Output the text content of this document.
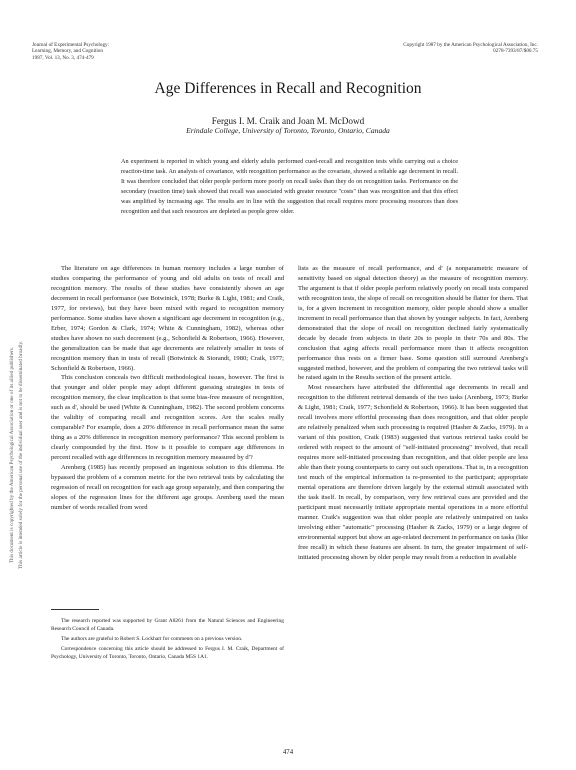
Journal of Experimental Psychology:
Learning, Memory, and Cognition
1987, Vol. 13, No. 3, 474-479
Copyright 1987 by the American Psychological Association, Inc.
0278-7393/87/$00.75
Age Differences in Recall and Recognition
Fergus I. M. Craik and Joan M. McDowd
Erindale College, University of Toronto, Toronto, Ontario, Canada
An experiment is reported in which young and elderly adults performed cued-recall and recognition tests while carrying out a choice reaction-time task. An analysis of covariance, with recognition performance as the covariate, showed a reliable age decrement in recall. It was therefore concluded that older people perform more poorly on recall tasks than they do on recognition tasks. Performance on the secondary (reaction time) task showed that recall was associated with greater resource "costs" than was recognition and that this effect was amplified by increasing age. The results are in line with the suggestion that recall requires more processing resources than does recognition and that such resources are depleted as people grow older.
This document is copyrighted by the American Psychological Association or one of its allied publishers. This article is intended solely for the personal use of the individual user and is not to be disseminated broadly.

The literature on age differences in human memory includes a large number of studies comparing the performance of young and old adults on tests of recall and recognition memory. The results of these studies have consistently shown an age decrement in recall performance (see Botwinick, 1978; Burke & Light, 1981; and Craik, 1977, for reviews), but they have been mixed with regard to recognition memory performance. Some studies have shown a significant age decrement in recognition (e.g., Erber, 1974; Gordon & Clark, 1974; White & Cunningham, 1982), whereas other studies have shown no such decrement (e.g., Schonfield & Robertson, 1966). However, the generalization can be made that age decrements are relatively smaller in tests of recognition memory than in tests of recall (Botwinick & Storandt, 1980; Craik, 1977; Schonfield & Robertson, 1966).

This conclusion conceals two difficult methodological issues, however. The first is that younger and older people may adopt different guessing strategies in tests of recognition memory, the clear implication is that some bias-free measure of recognition, such as d', should be used (White & Cunningham, 1982). The second problem concerns the validity of comparing recall and recognition scores. Are the scales really comparable? For example, does a 20% difference in recall performance mean the same thing as a 20% difference in recognition memory performance? This second problem is clearly compounded by the first. How is it possible to compare age differences in percent recalled with age differences in recognition memory measured by d'?

Arenberg (1985) has recently proposed an ingenious solution to this dilemma. He bypassed the problem of a common metric for the two retrieval tests by calculating the regression of recall on recognition for each age group separately, and then comparing the slopes of the regression lines for the different age groups. Arenberg used the mean number of words recalled from word

The research reported was supported by Grant A8261 from the Natural Sciences and Engineering Research Council of Canada.

The authors are grateful to Robert S. Lockhart for comments on a previous version.

Correspondence concerning this article should be addressed to Fergus I. M. Craik, Department of Psychology, University of Toronto, Toronto, Ontario, Canada M5S 1A1.

lists as the measure of recall performance, and d' (a nonparametric measure of sensitivity based on signal detection theory) as the measure of recognition memory. The argument is that if older people perform relatively poorly on recall tests compared with recognition tests, the slope of recall on recognition should be flatter for them. That is, for a given increment in recognition memory, older people should show a smaller increment in recall performance than that shown by younger subjects. In fact, Arenberg demonstrated that the slope of recall on recognition declined fairly systematically decade by decade from subjects in their 20s to people in their 70s and 80s. The conclusion that aging affects recall performance more than it affects recognition performance thus rests on a firmer base. Some question still surround Arenberg's suggested method, however, and the problem of comparing the two retrieval tasks will be raised again in the Results section of the present article.

Most researchers have attributed the differential age decrements in recall and recognition to the different retrieval demands of the two tasks (Arenberg, 1973; Burke & Light, 1981; Craik, 1977; Schonfield & Robertson, 1966). It has been suggested that recall involves more effortful processing than does recognition, and that older people are relatively penalized when such processing is required (Hasher & Zacks, 1979). In a variant of this position, Craik (1983) suggested that various retrieval tasks could be ordered with respect to the amount of "self-initiated processing" involved, that recall requires more self-initiated processing than recognition, and that older people are less able than their young counterparts to carry out such operations. That is, in a recognition test much of the empirical information is re-presented to the participant; appropriate mental operations are therefore driven largely by the external stimuli associated with the task itself. In recall, by comparison, very few retrieval cues are provided and the participant must necessarily initiate appropriate mental operations in a more effortful manner. Craik's suggestion was that older people are relatively unimpaired on tasks involving either "automatic" processing (Hasher & Zacks, 1979) or a large degree of environmental support but show an age-related decrement in performance on tasks (like free recall) in which these features are absent. In turn, the greater impairment of self-initiated processing shown by older people may result from a reduction in available

474
